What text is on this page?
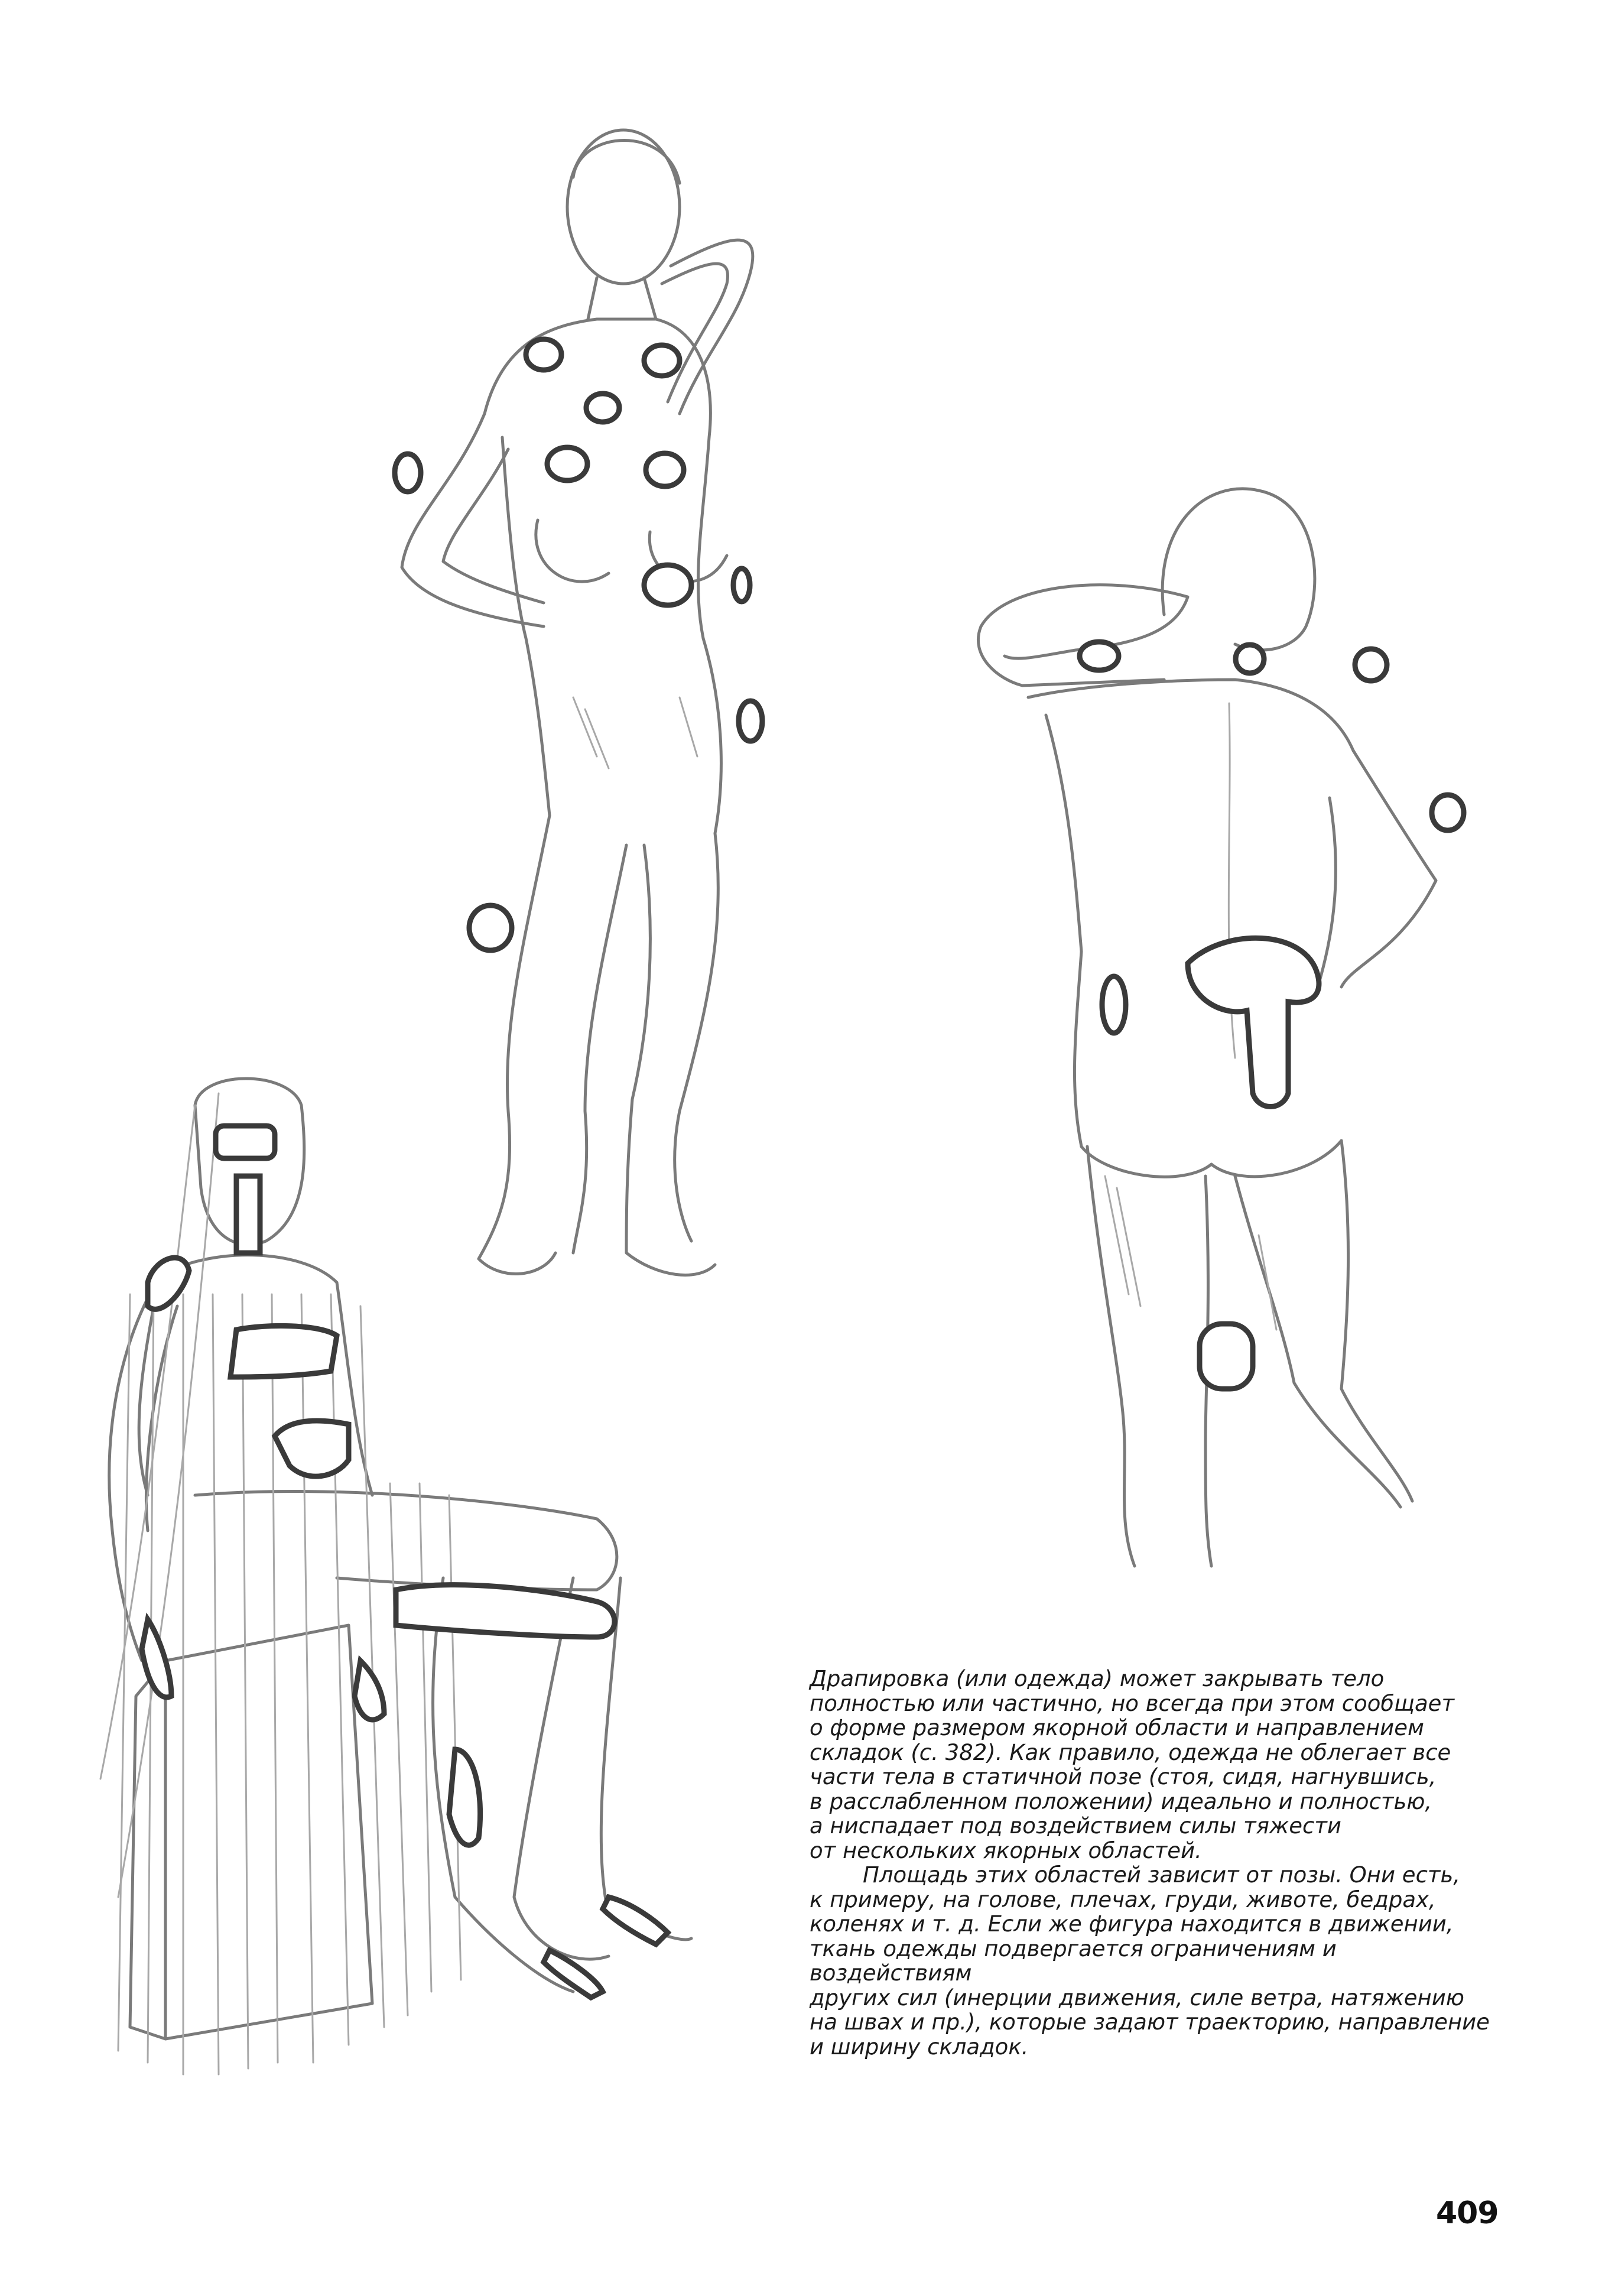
Драпировка (или одежда) может закрывать тело
полностью или частично, но всегда при этом сообщает
о форме размером якорной области и направлением
складок (с. 382). Как правило, одежда не облегает все
части тела в статичной позе (стоя, сидя, нагнувшись,
в расслабленном положении) идеально и полностью,
а ниспадает под воздействием силы тяжести
от нескольких якорных областей.

Площадь этих областей зависит от позы. Они есть,
к примеру, на голове, плечах, груди, животе, бедрах,
коленях и т. д. Если же фигура находится в движении,
ткань одежды подвергается ограничениям и воздействиям
других сил (инерции движения, силе ветра, натяжению
на швах и пр.), которые задают траекторию, направление
и ширину складок.

409
